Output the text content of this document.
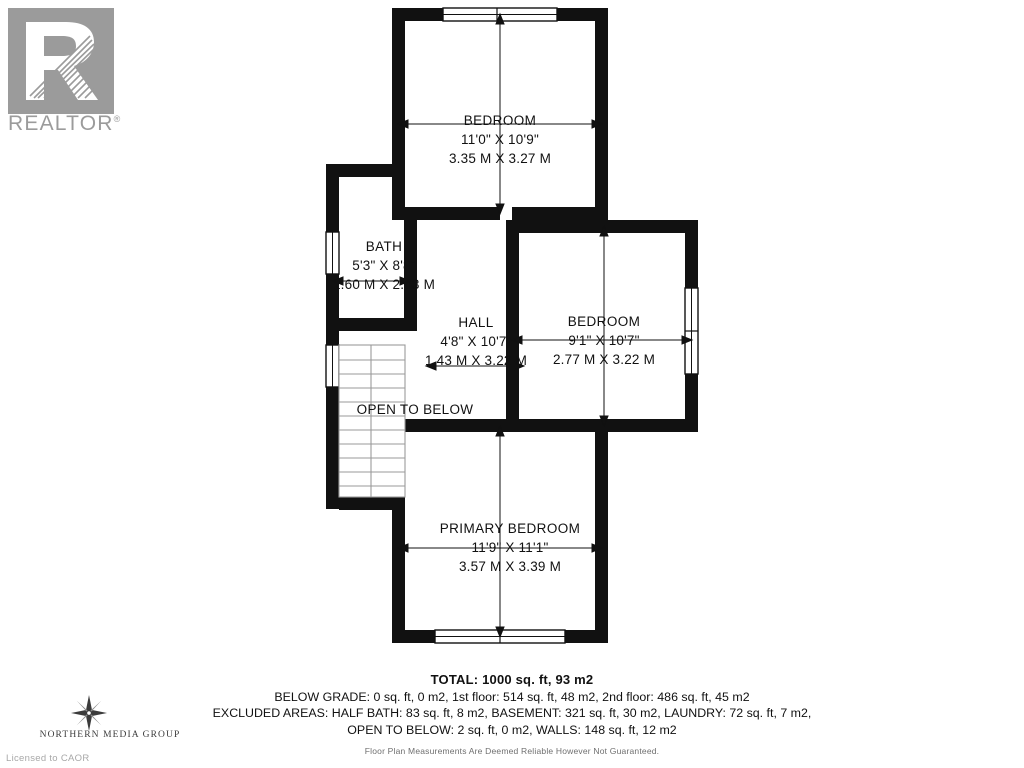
REALTOR®	BEDROOM
11'0" X 10'9"
3.35 M X 3.27 M
BATH
5'3" X 8'8"
1.60 M X 2.63 M
HALL
4'8" X 10'7"
1.43 M X 3.22 M
BEDROOM
9'1" X 10'7"
2.77 M X 3.22 M
PRIMARY BEDROOM
11'9" X 11'1"
3.57 M X 3.39 M
OPEN TO BELOW
TOTAL: 1000 sq. ft, 93 m2
BELOW GRADE: 0 sq. ft, 0 m2, 1st floor: 514 sq. ft, 48 m2, 2nd floor: 486 sq. ft, 45 m2
EXCLUDED AREAS: HALF BATH: 83 sq. ft, 8 m2, BASEMENT: 321 sq. ft, 30 m2, LAUNDRY: 72 sq. ft, 7 m2,
OPEN TO BELOW: 2 sq. ft, 0 m2, WALLS: 148 sq. ft, 12 m2
Floor Plan Measurements Are Deemed Reliable However Not Guaranteed.
NORTHERN MEDIA GROUP
Licensed to CAOR
